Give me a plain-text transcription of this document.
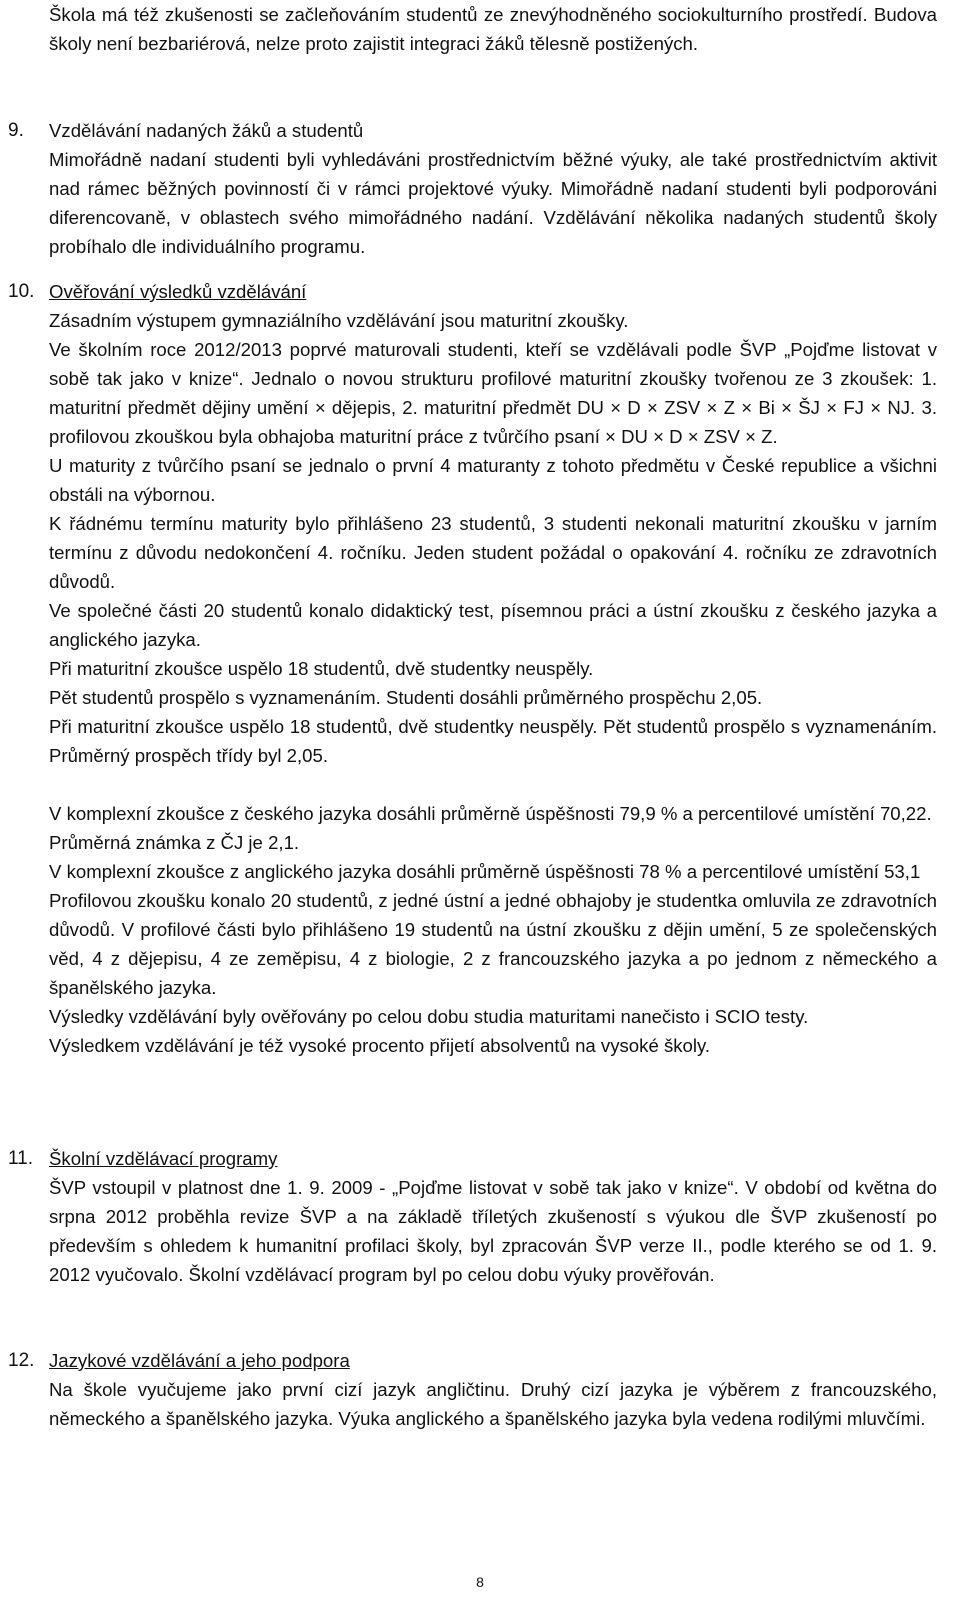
Škola má též zkušenosti se začleňováním studentů ze znevýhodněného sociokulturního prostředí. Budova školy není bezbariérová, nelze proto zajistit integraci žáků tělesně postižených.

9.	Vzdělávání nadaných žáků a studentů

Mimořádně nadaní studenti byli vyhledáváni prostřednictvím běžné výuky, ale také prostřednictvím aktivit nad rámec běžných povinností či v rámci projektové výuky. Mimořádně nadaní studenti byli podporováni diferencovaně, v oblastech svého mimořádného nadání. Vzdělávání několika nadaných studentů školy probíhalo dle individuálního programu.

10. Ověřování výsledků vzdělávání

Zásadním výstupem gymnaziálního vzdělávání jsou maturitní zkoušky.

Ve školním roce 2012/2013 poprvé maturovali studenti, kteří se vzdělávali podle ŠVP „Pojďme listovat v sobě tak jako v knize“. Jednalo o novou strukturu profilové maturitní zkoušky tvořenou ze 3 zkoušek: 1. maturitní předmět dějiny umění × dějepis, 2. maturitní předmět DU × D × ZSV × Z × Bi × ŠJ × FJ × NJ. 3. profilovou zkouškou byla obhajoba maturitní práce z tvůrčího psaní × DU × D × ZSV × Z.

U maturity z tvůrčího psaní se jednalo o první 4 maturanty z tohoto předmětu v České republice a všichni obstáli na výbornou.

K řádnému termínu maturity bylo přihlášeno 23 studentů, 3 studenti nekonali maturitní zkoušku v jarním termínu z důvodu nedokončení 4. ročníku. Jeden student požádal o opakování 4. ročníku ze zdravotních důvodů.

Ve společné části 20 studentů konalo didaktický test, písemnou práci a ústní zkoušku z českého jazyka a anglického jazyka.

Při maturitní zkoušce uspělo 18 studentů, dvě studentky neuspěly.

Pět studentů prospělo s vyznamenáním. Studenti dosáhli průměrného prospěchu 2,05.

Při maturitní zkoušce uspělo 18 studentů, dvě studentky neuspěly. Pět studentů prospělo s vyznamenáním. Průměrný prospěch třídy byl 2,05.

V komplexní zkoušce z českého jazyka dosáhli průměrně úspěšnosti 79,9 % a percentilové umístění 70,22.

Průměrná známka z ČJ je 2,1.

V komplexní zkoušce z anglického jazyka dosáhli průměrně úspěšnosti 78 % a percentilové umístění 53,1

Profilovou zkoušku konalo 20 studentů, z jedné ústní a jedné obhajoby je studentka omluvila ze zdravotních důvodů. V profilové části bylo přihlášeno 19 studentů na ústní zkoušku z dějin umění, 5 ze společenských věd, 4 z dějepisu, 4 ze zeměpisu, 4 z biologie, 2 z francouzského jazyka a po jednom z německého a španělského jazyka.

Výsledky vzdělávání byly ověřovány po celou dobu studia maturitami nanečisto i SCIO testy.

Výsledkem vzdělávání je též vysoké procento přijetí absolventů na vysoké školy.

11. Školní vzdělávací programy

ŠVP vstoupil v platnost dne 1. 9. 2009 - „Pojďme listovat v sobě tak jako v knize“. V období od května do srpna 2012 proběhla revize ŠVP a na základě tříletých zkušeností s výukou dle ŠVP zkušeností po především s ohledem k humanitní profilaci školy, byl zpracován ŠVP verze II., podle kterého se od 1. 9. 2012 vyučovalo. Školní vzdělávací program byl po celou dobu výuky prověřován.

12. Jazykové vzdělávání a jeho podpora

Na škole vyučujeme jako první cizí jazyk angličtinu. Druhý cizí jazyka je výběrem z francouzského, německého a španělského jazyka. Výuka anglického a španělského jazyka byla vedena rodilými mluvčími.

8
